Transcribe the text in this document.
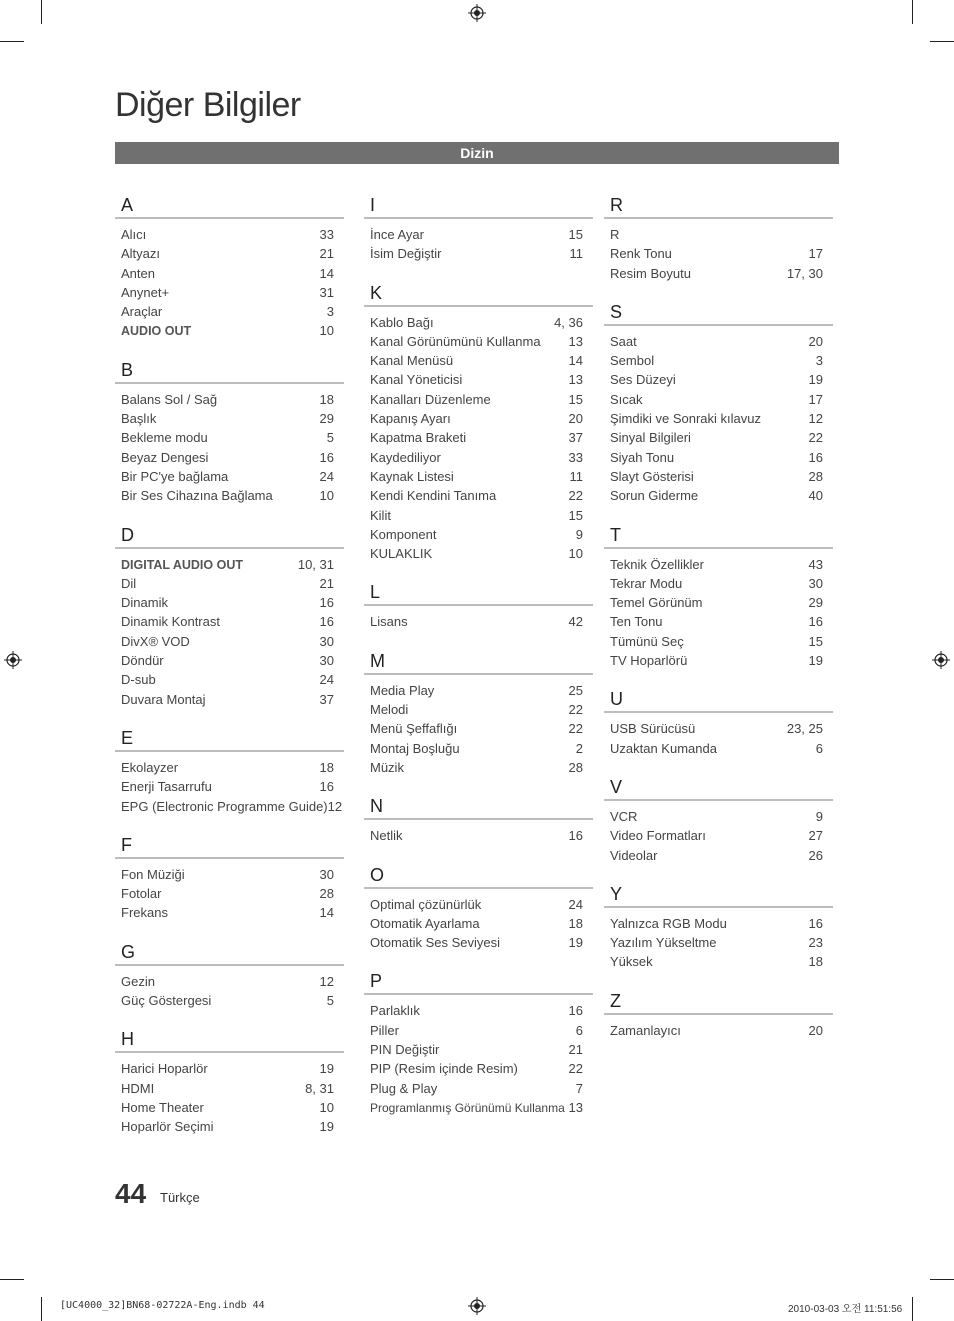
Diğer Bilgiler
Dizin
A
Alıcı	33
Altyazı	21
Anten	14
Anynet+	31
Araçlar	3
AUDIO OUT	10
B
Balans Sol / Sağ	18
Başlık	29
Bekleme modu	5
Beyaz Dengesi	16
Bir PC'ye bağlama	24
Bir Ses Cihazına Bağlama	10
D
DIGITAL AUDIO OUT	10, 31
Dil	21
Dinamik	16
Dinamik Kontrast	16
DivX® VOD	30
Döndür	30
D-sub	24
Duvara Montaj	37
E
Ekolayzer	18
Enerji Tasarrufu	16
EPG (Electronic Programme Guide) 12
F
Fon Müziği	30
Fotolar	28
Frekans	14
G
Gezin	12
Güç Göstergesi	5
H
Harici Hoparlör	19
HDMI	8, 31
Home Theater	10
Hoparlör Seçimi	19
I
İnce Ayar	15
İsim Değiştir	11
K
Kablo Bağı	4, 36
Kanal Görünümünü Kullanma 13
Kanal Menüsü	14
Kanal Yöneticisi	13
Kanalları Düzenleme	15
Kapanış Ayarı	20
Kapatma Braketi	37
Kaydediliyor	33
Kaynak Listesi	11
Kendi Kendini Tanıma	22
Kilit	15
Komponent	9
KULAKLIK	10
L
Lisans	42
M
Media Play	25
Melodi	22
Menü Şeffaflığı	22
Montaj Boşluğu	2
Müzik	28
N
Netlik	16
O
Optimal çözünürlük	24
Otomatik Ayarlama	18
Otomatik Ses Seviyesi	19
P
Parlaklık	16
Piller	6
PIN Değiştir	21
PIP (Resim içinde Resim)	22
Plug & Play	7
Programlanmış Görünümü Kullanma 13
R
R
Renk Tonu	17
Resim Boyutu	17, 30
S
Saat	20
Sembol	3
Ses Düzeyi	19
Sıcak	17
Şimdiki ve Sonraki kılavuz	12
Sinyal Bilgileri	22
Siyah Tonu	16
Slayt Gösterisi	28
Sorun Giderme	40
T
Teknik Özellikler	43
Tekrar Modu	30
Temel Görünüm	29
Ten Tonu	16
Tümünü Seç	15
TV Hoparlörü	19
U
USB Sürücüsü	23, 25
Uzaktan Kumanda	6
V
VCR	9
Video Formatları	27
Videolar	26
Y
Yalnızca RGB Modu	16
Yazılım Yükseltme	23
Yüksek	18
Z
Zamanlayıcı	20
44 Türkçe
[UC4000_32]BN68-02722A-Eng.indb 44	2010-03-03 오전 11:51:56
